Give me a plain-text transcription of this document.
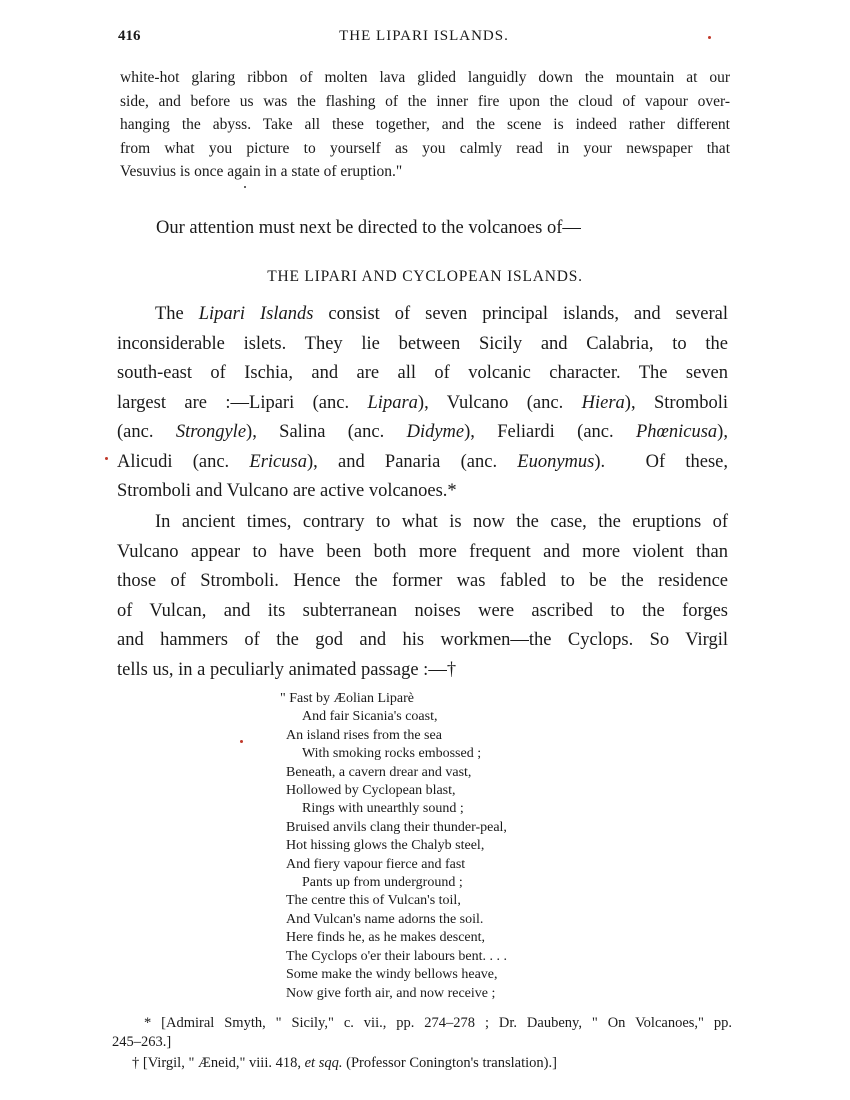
416	THE LIPARI ISLANDS.
white-hot glaring ribbon of molten lava glided languidly down the mountain at our
side, and before us was the flashing of the inner fire upon the cloud of vapour over-
hanging the abyss. Take all these together, and the scene is indeed rather different
from what you picture to yourself as you calmly read in your newspaper that
Vesuvius is once again in a state of eruption."
Our attention must next be directed to the volcanoes of—
THE LIPARI AND CYCLOPEAN ISLANDS.
The Lipari Islands consist of seven principal islands, and several
inconsiderable islets. They lie between Sicily and Calabria, to the
south-east of Ischia, and are all of volcanic character. The seven
largest are :—Lipari (anc. Lipara), Vulcano (anc. Hiera), Stromboli
(anc. Strongyle), Salina (anc. Didyme), Feliardi (anc. Phœnicusa),
Alicudi (anc. Ericusa), and Panaria (anc. Euonymus).  Of these,
Stromboli and Vulcano are active volcanoes.*
In ancient times, contrary to what is now the case, the eruptions of
Vulcano appear to have been both more frequent and more violent than
those of Stromboli. Hence the former was fabled to be the residence
of Vulcan, and its subterranean noises were ascribed to the forges
and hammers of the god and his workmen—the Cyclops. So Virgil
tells us, in a peculiarly animated passage :—†
" Fast by Æolian Liparè
And fair Sicania's coast,
An island rises from the sea
With smoking rocks embossed ;
Beneath, a cavern drear and vast,
Hollowed by Cyclopean blast,
Rings with unearthly sound ;
Bruised anvils clang their thunder-peal,
Hot hissing glows the Chalyb steel,
And fiery vapour fierce and fast
Pants up from underground ;
The centre this of Vulcan's toil,
And Vulcan's name adorns the soil.
Here finds he, as he makes descent,
The Cyclops o'er their labours bent. . . .
Some make the windy bellows heave,
Now give forth air, and now receive ;
* [Admiral Smyth, " Sicily," c. vii., pp. 274–278 ; Dr. Daubeny, " On Volcanoes," pp.
245–263.]
† [Virgil, " Æneid," viii. 418, et sqq. (Professor Conington's translation).]
